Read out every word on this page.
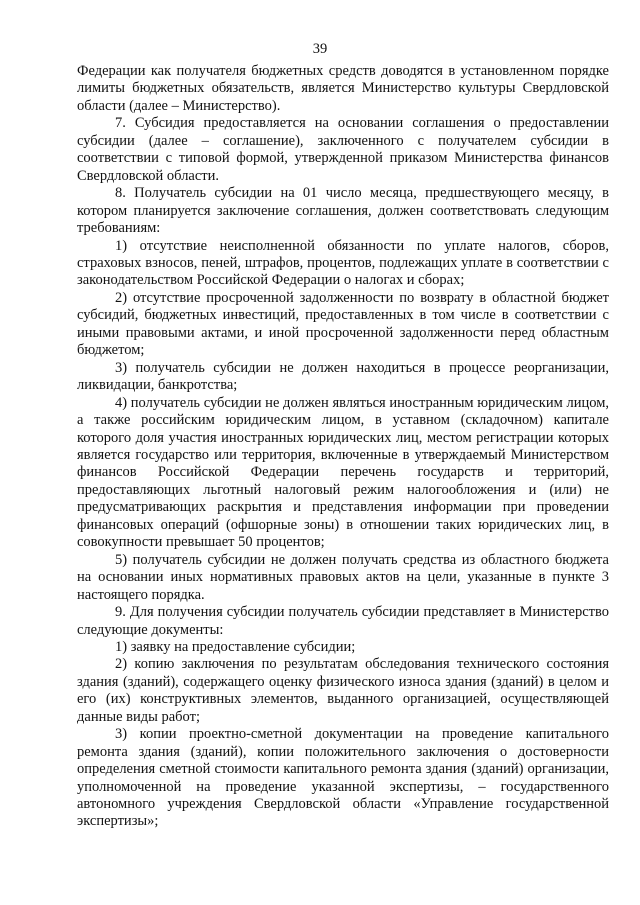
39

Федерации как получателя бюджетных средств доводятся в установленном порядке лимиты бюджетных обязательств, является Министерство культуры Свердловской области (далее – Министерство).

7. Субсидия предоставляется на основании соглашения о предоставлении субсидии (далее – соглашение), заключенного с получателем субсидии в соответствии с типовой формой, утвержденной приказом Министерства финансов Свердловской области.

8. Получатель субсидии на 01 число месяца, предшествующего месяцу, в котором планируется заключение соглашения, должен соответствовать следующим требованиям:

1) отсутствие неисполненной обязанности по уплате налогов, сборов, страховых взносов, пеней, штрафов, процентов, подлежащих уплате в соответствии с законодательством Российской Федерации о налогах и сборах;

2) отсутствие просроченной задолженности по возврату в областной бюджет субсидий, бюджетных инвестиций, предоставленных в том числе в соответствии с иными правовыми актами, и иной просроченной задолженности перед областным бюджетом;

3) получатель субсидии не должен находиться в процессе реорганизации, ликвидации, банкротства;

4) получатель субсидии не должен являться иностранным юридическим лицом, а также российским юридическим лицом, в уставном (складочном) капитале которого доля участия иностранных юридических лиц, местом регистрации которых является государство или территория, включенные в утверждаемый Министерством финансов Российской Федерации перечень государств и территорий, предоставляющих льготный налоговый режим налогообложения и (или) не предусматривающих раскрытия и представления информации при проведении финансовых операций (офшорные зоны) в отношении таких юридических лиц, в совокупности превышает 50 процентов;

5) получатель субсидии не должен получать средства из областного бюджета на основании иных нормативных правовых актов на цели, указанные в пункте 3 настоящего порядка.

9. Для получения субсидии получатель субсидии представляет в Министерство следующие документы:

1) заявку на предоставление субсидии;

2) копию заключения по результатам обследования технического состояния здания (зданий), содержащего оценку физического износа здания (зданий) в целом и его (их) конструктивных элементов, выданного организацией, осуществляющей данные виды работ;

3) копии проектно-сметной документации на проведение капитального ремонта здания (зданий), копии положительного заключения о достоверности определения сметной стоимости капитального ремонта здания (зданий) организации, уполномоченной на проведение указанной экспертизы, – государственного автономного учреждения Свердловской области «Управление государственной экспертизы»;
